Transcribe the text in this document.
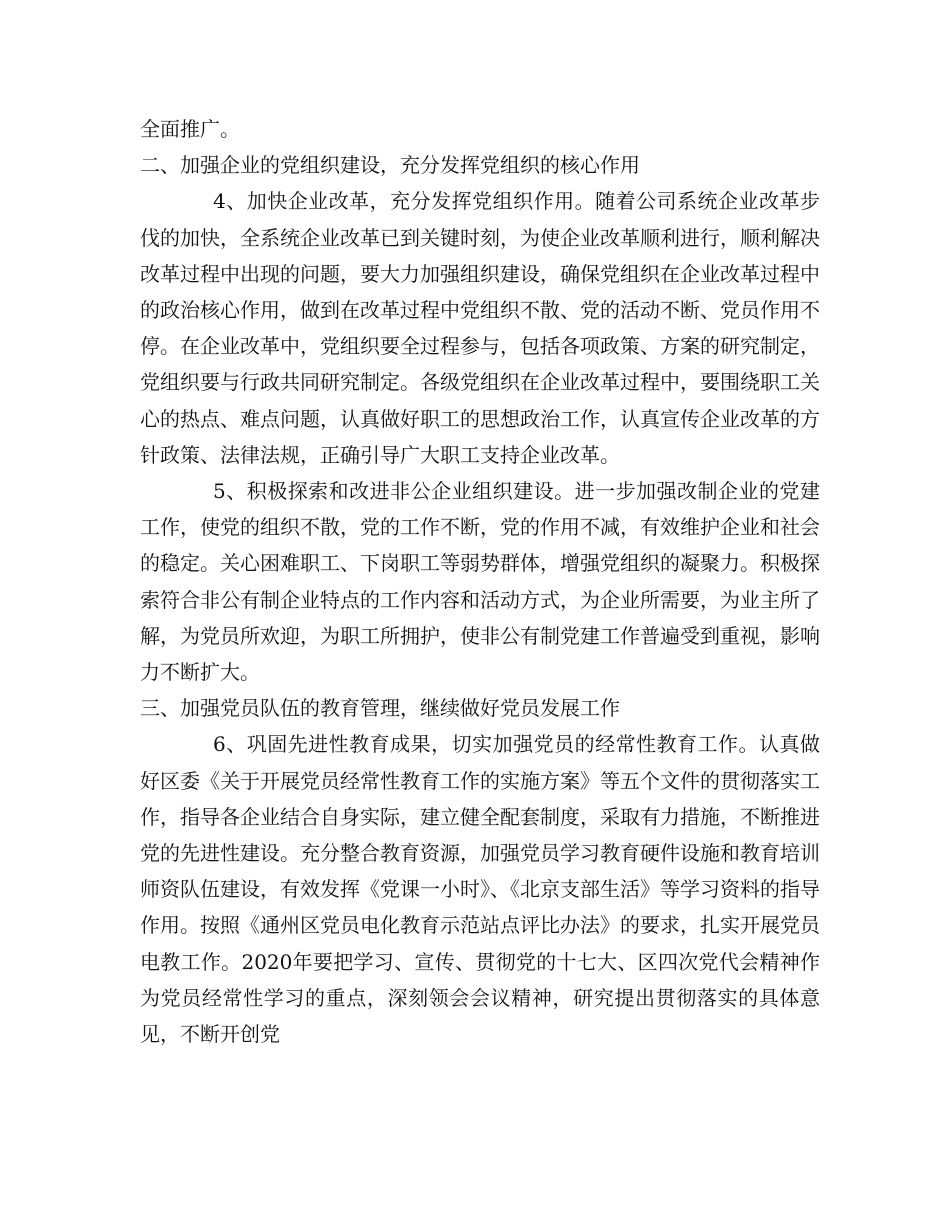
全面推广。
二、加强企业的党组织建设，充分发挥党组织的核心作用

4、加快企业改革，充分发挥党组织作用。随着公司系统企业改革步伐的加快，全系统企业改革已到关键时刻，为使企业改革顺利进行，顺利解决改革过程中出现的问题，要大力加强组织建设，确保党组织在企业改革过程中的政治核心作用，做到在改革过程中党组织不散、党的活动不断、党员作用不停。在企业改革中，党组织要全过程参与，包括各项政策、方案的研究制定，党组织要与行政共同研究制定。各级党组织在企业改革过程中，要围绕职工关心的热点、难点问题，认真做好职工的思想政治工作，认真宣传企业改革的方针政策、法律法规，正确引导广大职工支持企业改革。

5、积极探索和改进非公企业组织建设。进一步加强改制企业的党建工作，使党的组织不散，党的工作不断，党的作用不减，有效维护企业和社会的稳定。关心困难职工、下岗职工等弱势群体，增强党组织的凝聚力。积极探索符合非公有制企业特点的工作内容和活动方式，为企业所需要，为业主所了解，为党员所欢迎，为职工所拥护，使非公有制党建工作普遍受到重视，影响力不断扩大。

三、加强党员队伍的教育管理，继续做好党员发展工作

6、巩固先进性教育成果，切实加强党员的经常性教育工作。认真做好区委《关于开展党员经常性教育工作的实施方案》等五个文件的贯彻落实工作，指导各企业结合自身实际，建立健全配套制度，采取有力措施，不断推进党的先进性建设。充分整合教育资源，加强党员学习教育硬件设施和教育培训师资队伍建设，有效发挥《党课一小时》、《北京支部生活》等学习资料的指导作用。按照《通州区党员电化教育示范站点评比办法》的要求，扎实开展党员电教工作。2020年要把学习、宣传、贯彻党的十七大、区四次党代会精神作为党员经常性学习的重点，深刻领会会议精神，研究提出贯彻落实的具体意见，不断开创党
